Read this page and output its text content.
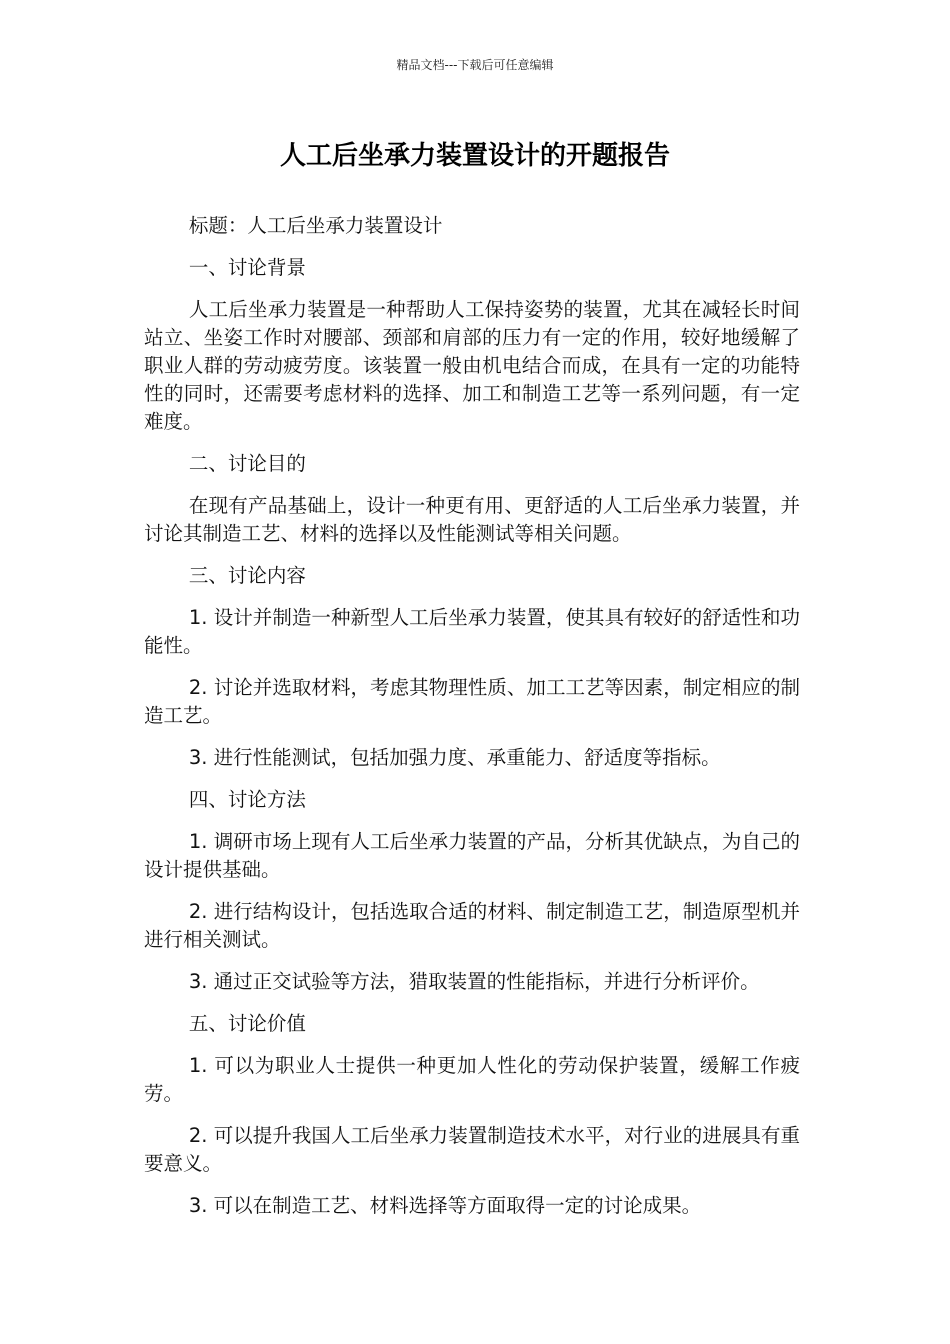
精品文档---下载后可任意编辑
人工后坐承力装置设计的开题报告

标题：人工后坐承力装置设计

一、讨论背景

人工后坐承力装置是一种帮助人工保持姿势的装置，尤其在减轻长时间站立、坐姿工作时对腰部、颈部和肩部的压力有一定的作用，较好地缓解了职业人群的劳动疲劳度。该装置一般由机电结合而成，在具有一定的功能特性的同时，还需要考虑材料的选择、加工和制造工艺等一系列问题，有一定难度。

二、讨论目的

在现有产品基础上，设计一种更有用、更舒适的人工后坐承力装置，并讨论其制造工艺、材料的选择以及性能测试等相关问题。

三、讨论内容

1. 设计并制造一种新型人工后坐承力装置，使其具有较好的舒适性和功能性。

2. 讨论并选取材料，考虑其物理性质、加工工艺等因素，制定相应的制造工艺。

3. 进行性能测试，包括加强力度、承重能力、舒适度等指标。

四、讨论方法

1. 调研市场上现有人工后坐承力装置的产品，分析其优缺点，为自己的设计提供基础。

2. 进行结构设计，包括选取合适的材料、制定制造工艺，制造原型机并进行相关测试。

3. 通过正交试验等方法，猎取装置的性能指标，并进行分析评价。

五、讨论价值

1. 可以为职业人士提供一种更加人性化的劳动保护装置，缓解工作疲劳。

2. 可以提升我国人工后坐承力装置制造技术水平，对行业的进展具有重要意义。

3. 可以在制造工艺、材料选择等方面取得一定的讨论成果。
